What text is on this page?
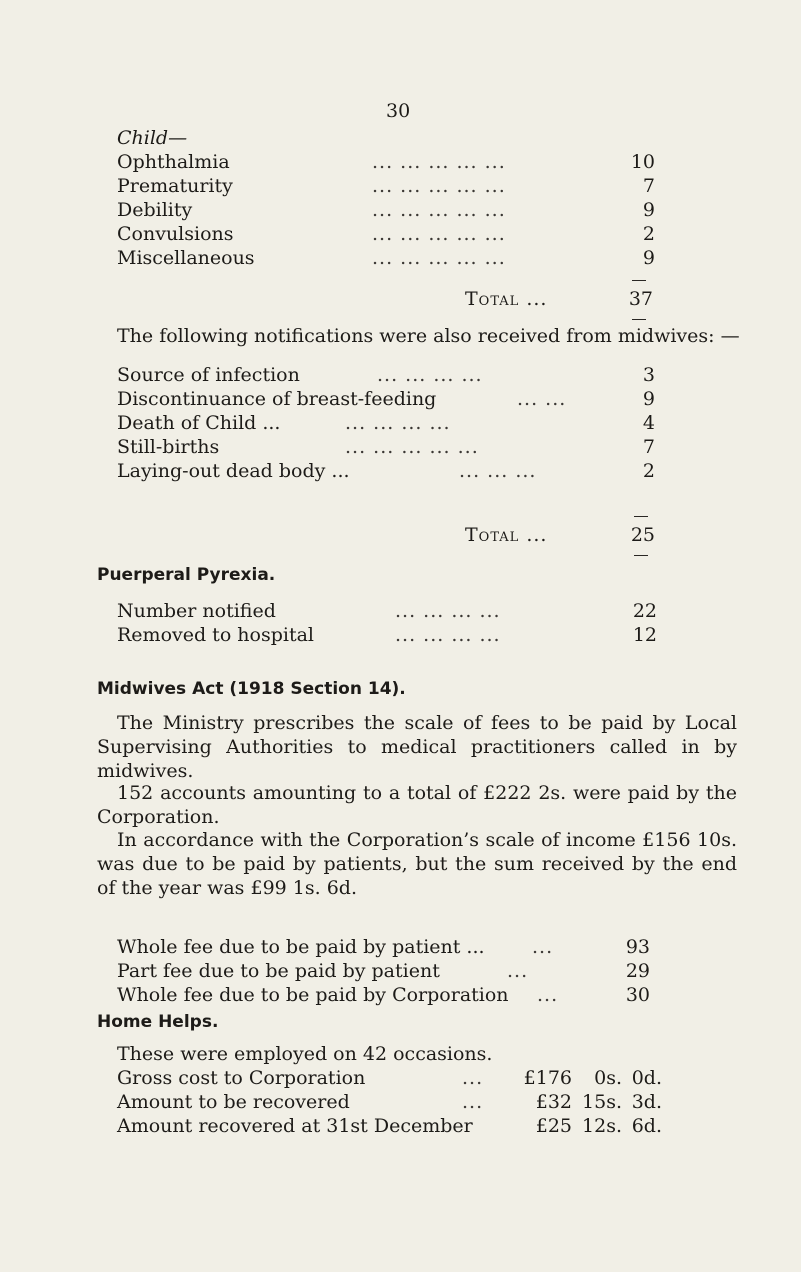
30
Child—
Ophthalmia	... ... ... ... ...	10
Prematurity	... ... ... ... ...	7
Debility	... ... ... ... ...	9
Convulsions	... ... ... ... ...	2
Miscellaneous	... ... ... ... ...	9
Total ...	37
The following notifications were also received from midwives: —
Source of infection	... ... ... ...	3
Discontinuance of breast-feeding	... ...	9
Death of Child ...	... ... ... ...	4
Still-births	... ... ... ... ...	7
Laying-out dead body ...	... ... ...	2
Total ...	25
Puerperal Pyrexia.
Number notified	... ... ... ...	22
Removed to hospital	... ... ... ...	12
Midwives Act (1918 Section 14).
The Ministry prescribes the scale of fees to be paid by Local Supervising Authorities to medical practitioners called in by midwives.
152 accounts amounting to a total of £222 2s. were paid by the Corporation.
In accordance with the Corporation’s scale of income £156 10s. was due to be paid by patients, but the sum received by the end of the year was £99 1s. 6d.
Whole fee due to be paid by patient ... ...	93
Part fee due to be paid by patient	...	29
Whole fee due to be paid by Corporation ...	30
Home Helps.
These were employed on 42 occasions.
Gross cost to Corporation	...	£176	0s. 0d.
Amount to be recovered	...	£32 15s. 3d.
Amount recovered at 31st December	£25 12s. 6d.
